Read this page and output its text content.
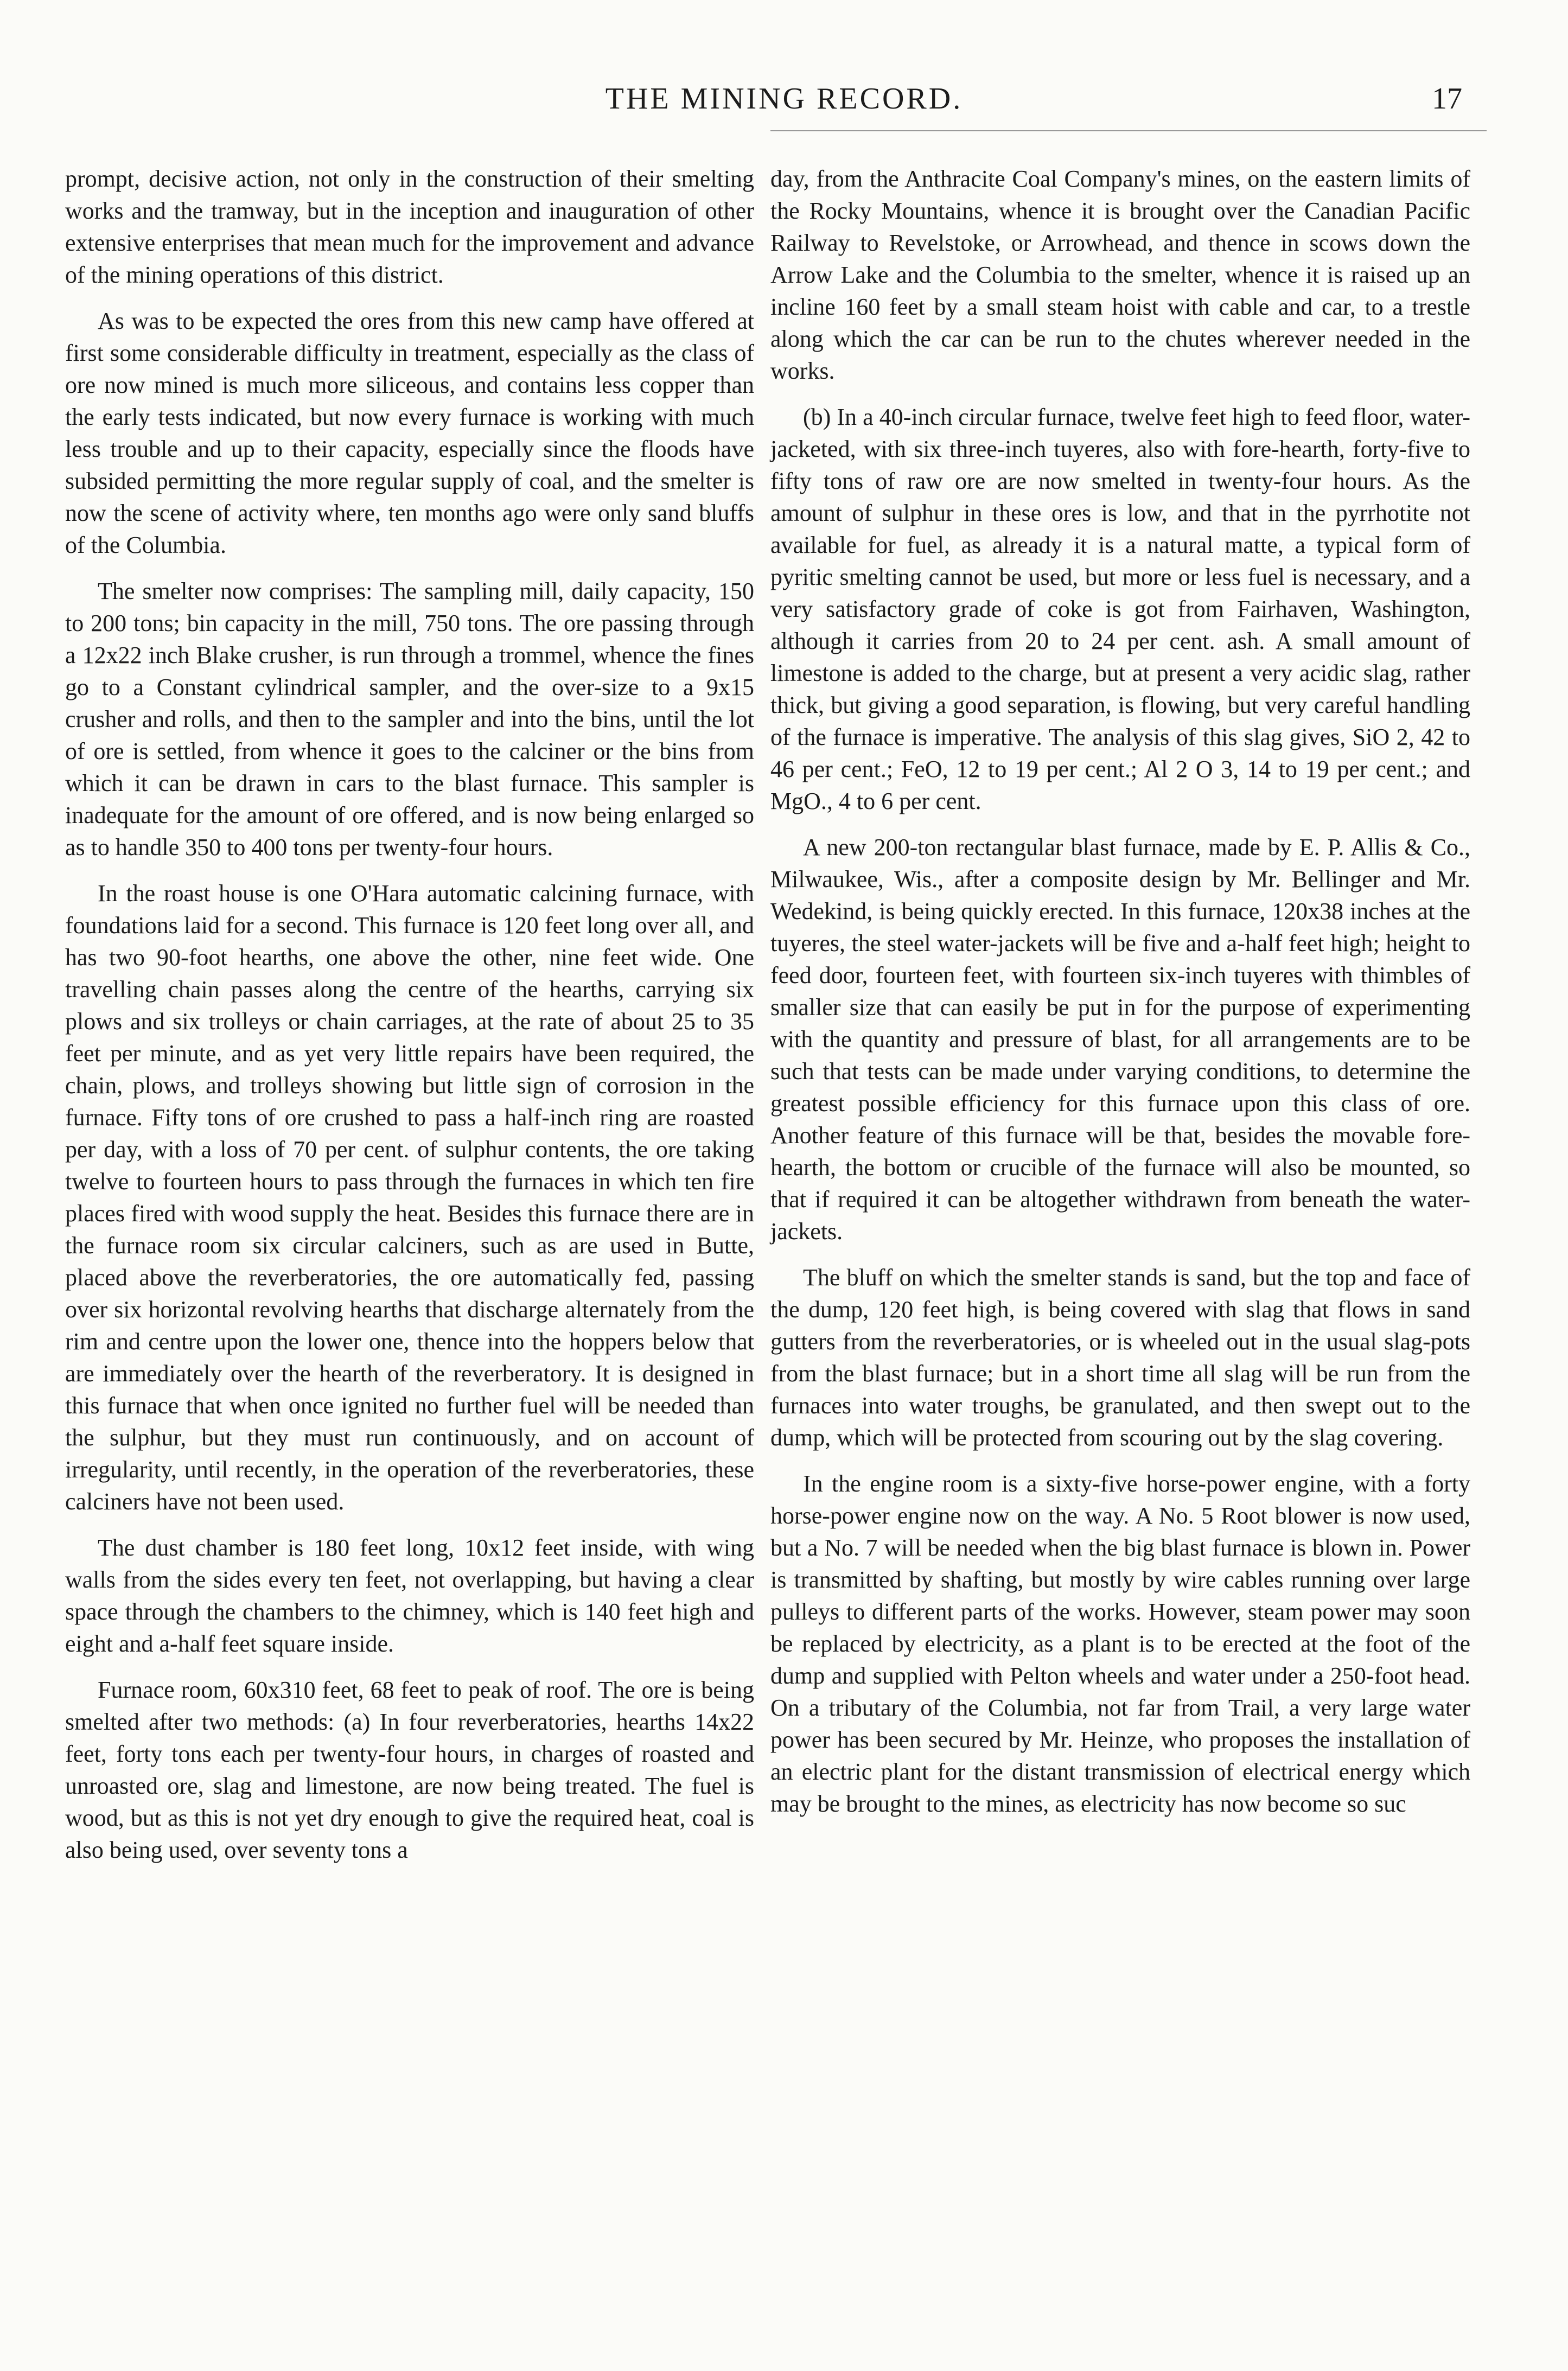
THE MINING RECORD.	17

prompt, decisive action, not only in the construction of their smelting works and the tramway, but in the inception and inauguration of other extensive enterprises that mean much for the improvement and advance of the mining operations of this district.

As was to be expected the ores from this new camp have offered at first some considerable difficulty in treatment, especially as the class of ore now mined is much more siliceous, and contains less copper than the early tests indicated, but now every furnace is working with much less trouble and up to their capacity, especially since the floods have subsided permitting the more regular supply of coal, and the smelter is now the scene of activity where, ten months ago were only sand bluffs of the Columbia.

The smelter now comprises: The sampling mill, daily capacity, 150 to 200 tons; bin capacity in the mill, 750 tons. The ore passing through a 12x22 inch Blake crusher, is run through a trommel, whence the fines go to a Constant cylindrical sampler, and the over-size to a 9x15 crusher and rolls, and then to the sampler and into the bins, until the lot of ore is settled, from whence it goes to the calciner or the bins from which it can be drawn in cars to the blast furnace. This sampler is inadequate for the amount of ore offered, and is now being enlarged so as to handle 350 to 400 tons per twenty-four hours.

In the roast house is one O'Hara automatic calcining furnace, with foundations laid for a second. This furnace is 120 feet long over all, and has two 90-foot hearths, one above the other, nine feet wide. One travelling chain passes along the centre of the hearths, carrying six plows and six trolleys or chain carriages, at the rate of about 25 to 35 feet per minute, and as yet very little repairs have been required, the chain, plows, and trolleys showing but little sign of corrosion in the furnace. Fifty tons of ore crushed to pass a half-inch ring are roasted per day, with a loss of 70 per cent. of sulphur contents, the ore taking twelve to fourteen hours to pass through the furnaces in which ten fire places fired with wood supply the heat. Besides this furnace there are in the furnace room six circular calciners, such as are used in Butte, placed above the reverberatories, the ore automatically fed, passing over six horizontal revolving hearths that discharge alternately from the rim and centre upon the lower one, thence into the hoppers below that are immediately over the hearth of the reverberatory. It is designed in this furnace that when once ignited no further fuel will be needed than the sulphur, but they must run continuously, and on account of irregularity, until recently, in the operation of the reverberatories, these calciners have not been used.

The dust chamber is 180 feet long, 10x12 feet inside, with wing walls from the sides every ten feet, not overlapping, but having a clear space through the chambers to the chimney, which is 140 feet high and eight and a-half feet square inside.

Furnace room, 60x310 feet, 68 feet to peak of roof. The ore is being smelted after two methods: (a) In four reverberatories, hearths 14x22 feet, forty tons each per twenty-four hours, in charges of roasted and unroasted ore, slag and limestone, are now being treated. The fuel is wood, but as this is not yet dry enough to give the required heat, coal is also being used, over seventy tons a

day, from the Anthracite Coal Company's mines, on the eastern limits of the Rocky Mountains, whence it is brought over the Canadian Pacific Railway to Revelstoke, or Arrowhead, and thence in scows down the Arrow Lake and the Columbia to the smelter, whence it is raised up an incline 160 feet by a small steam hoist with cable and car, to a trestle along which the car can be run to the chutes wherever needed in the works.

(b) In a 40-inch circular furnace, twelve feet high to feed floor, water-jacketed, with six three-inch tuyeres, also with fore-hearth, forty-five to fifty tons of raw ore are now smelted in twenty-four hours. As the amount of sulphur in these ores is low, and that in the pyrrhotite not available for fuel, as already it is a natural matte, a typical form of pyritic smelting cannot be used, but more or less fuel is necessary, and a very satisfactory grade of coke is got from Fairhaven, Washington, although it carries from 20 to 24 per cent. ash. A small amount of limestone is added to the charge, but at present a very acidic slag, rather thick, but giving a good separation, is flowing, but very careful handling of the furnace is imperative. The analysis of this slag gives, SiO 2, 42 to 46 per cent.; FeO, 12 to 19 per cent.; Al 2 O 3, 14 to 19 per cent.; and MgO., 4 to 6 per cent.

A new 200-ton rectangular blast furnace, made by E. P. Allis & Co., Milwaukee, Wis., after a composite design by Mr. Bellinger and Mr. Wedekind, is being quickly erected. In this furnace, 120x38 inches at the tuyeres, the steel water-jackets will be five and a-half feet high; height to feed door, fourteen feet, with fourteen six-inch tuyeres with thimbles of smaller size that can easily be put in for the purpose of experimenting with the quantity and pressure of blast, for all arrangements are to be such that tests can be made under varying conditions, to determine the greatest possible efficiency for this furnace upon this class of ore. Another feature of this furnace will be that, besides the movable fore-hearth, the bottom or crucible of the furnace will also be mounted, so that if required it can be altogether withdrawn from beneath the water-jackets.

The bluff on which the smelter stands is sand, but the top and face of the dump, 120 feet high, is being covered with slag that flows in sand gutters from the reverberatories, or is wheeled out in the usual slag-pots from the blast furnace; but in a short time all slag will be run from the furnaces into water troughs, be granulated, and then swept out to the dump, which will be protected from scouring out by the slag covering.

In the engine room is a sixty-five horse-power engine, with a forty horse-power engine now on the way. A No. 5 Root blower is now used, but a No. 7 will be needed when the big blast furnace is blown in. Power is transmitted by shafting, but mostly by wire cables running over large pulleys to different parts of the works. However, steam power may soon be replaced by electricity, as a plant is to be erected at the foot of the dump and supplied with Pelton wheels and water under a 250-foot head. On a tributary of the Columbia, not far from Trail, a very large water power has been secured by Mr. Heinze, who proposes the installation of an electric plant for the distant transmission of electrical energy which may be brought to the mines, as electricity has now become so suc
